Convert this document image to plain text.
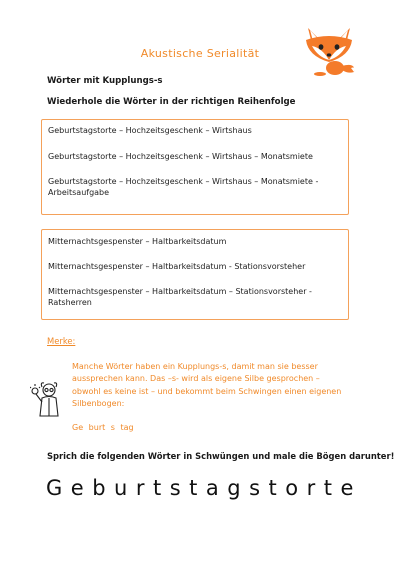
Akustische Serialität
Wörter mit Kupplungs-s
Wiederhole die Wörter in der richtigen Reihenfolge
Geburtstagstorte – Hochzeitsgeschenk – Wirtshaus
Geburtstagstorte – Hochzeitsgeschenk – Wirtshaus – Monatsmiete
Geburtstagstorte – Hochzeitsgeschenk – Wirtshaus – Monatsmiete - Arbeitsaufgabe
Mitternachtsgespenster – Haltbarkeitsdatum
Mitternachtsgespenster – Haltbarkeitsdatum - Stationsvorsteher
Mitternachtsgespenster – Haltbarkeitsdatum – Stationsvorsteher - Ratsherren
Merke:
Manche Wörter haben ein Kupplungs-s, damit man sie besser aussprechen kann. Das –s- wird als eigene Silbe gesprochen – obwohl es keine ist – und bekommt beim Schwingen einen eigenen Silbenbogen:
Ge burt s tag
Sprich die folgenden Wörter in Schwüngen und male die Bögen darunter!
Geburtstagstorte
